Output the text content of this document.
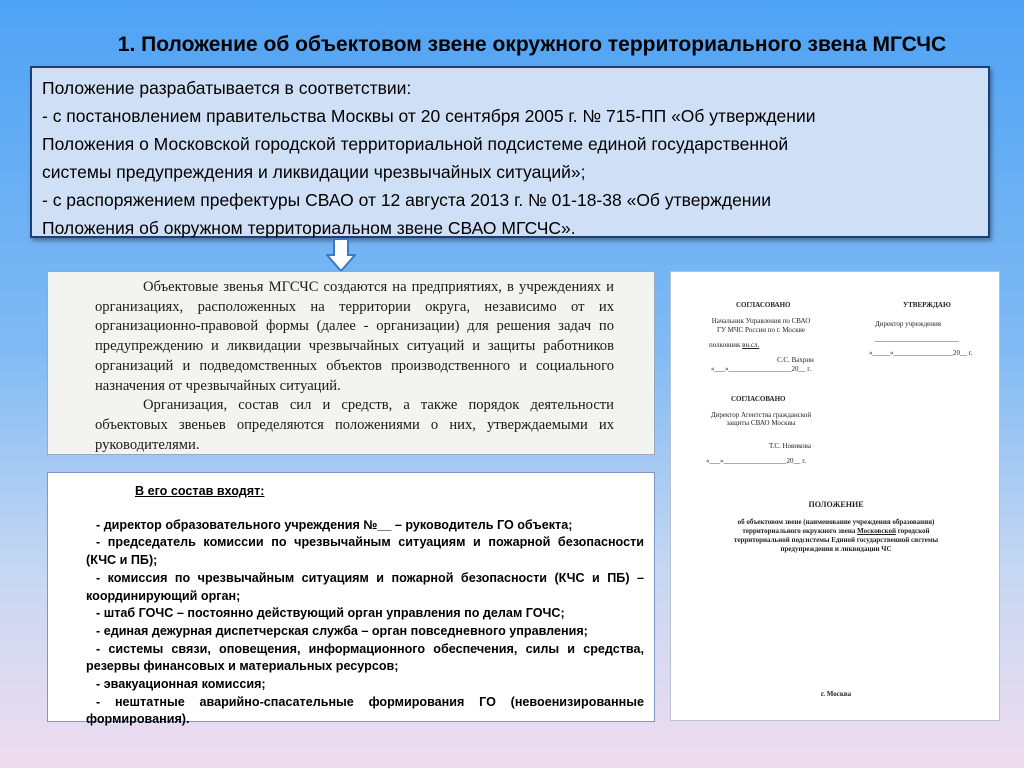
1. Положение об объектовом звене окружного территориального звена МГСЧС
Положение разрабатывается в соответствии:
- с постановлением правительства Москвы от 20 сентября 2005 г. № 715-ПП «Об утверждении
Положения о Московской городской территориальной подсистеме единой государственной
системы предупреждения и ликвидации чрезвычайных ситуаций»;
- с распоряжением префектуры СВАО от 12 августа 2013 г. № 01-18-38 «Об утверждении
Положения об окружном территориальном звене СВАО МГСЧС».

Объектовые звенья МГСЧС создаются на предприятиях, в учреждениях и организациях, расположенных на территории округа, независимо от их организационно-правовой формы (далее - организации) для решения задач по предупреждению и ликвидации чрезвычайных ситуаций и защиты работников организаций и подведомственных объектов производственного и социального назначения от чрезвычайных ситуаций.

Организация, состав сил и средств, а также порядок деятельности объектовых звеньев определяются положениями о них, утверждаемыми их руководителями.

В его состав входят:
- директор образовательного учреждения №__ – руководитель ГО объекта;
- председатель комиссии по чрезвычайным ситуациям и пожарной безопасности (КЧС и ПБ);
- комиссия по чрезвычайным ситуациям и пожарной безопасности (КЧС и ПБ) – координирующий орган;
- штаб ГОЧС – постоянно действующий орган управления по делам ГОЧС;
- единая дежурная диспетчерская служба – орган повседневного управления;
- системы связи, оповещения, информационного обеспечения, силы и средства, резервы финансовых и материальных ресурсов;
- эвакуационная комиссия;
- нештатные аварийно-спасательные формирования ГО (невоенизированные формирования).
СОГЛАСОВАНО
Начальник Управления по СВАО
ГУ МЧС России по г. Москве
полковник вн.сл.
С.С. Вахрин
«___»__________________20__ г.
УТВЕРЖДАЮ
Директор учреждения
________________________
«_____»_________________20__ г.
СОГЛАСОВАНО
Директор Агентства гражданской
защиты СВАО Москвы
Т.С. Новикова
«___»__________________20__ г.
ПОЛОЖЕНИЕ
об объектовом звене (наименование учреждения образования)
территориального окружного звена Московской городской
территориальной подсистемы Единой государственной системы
предупреждения и ликвидации ЧС
г. Москва
